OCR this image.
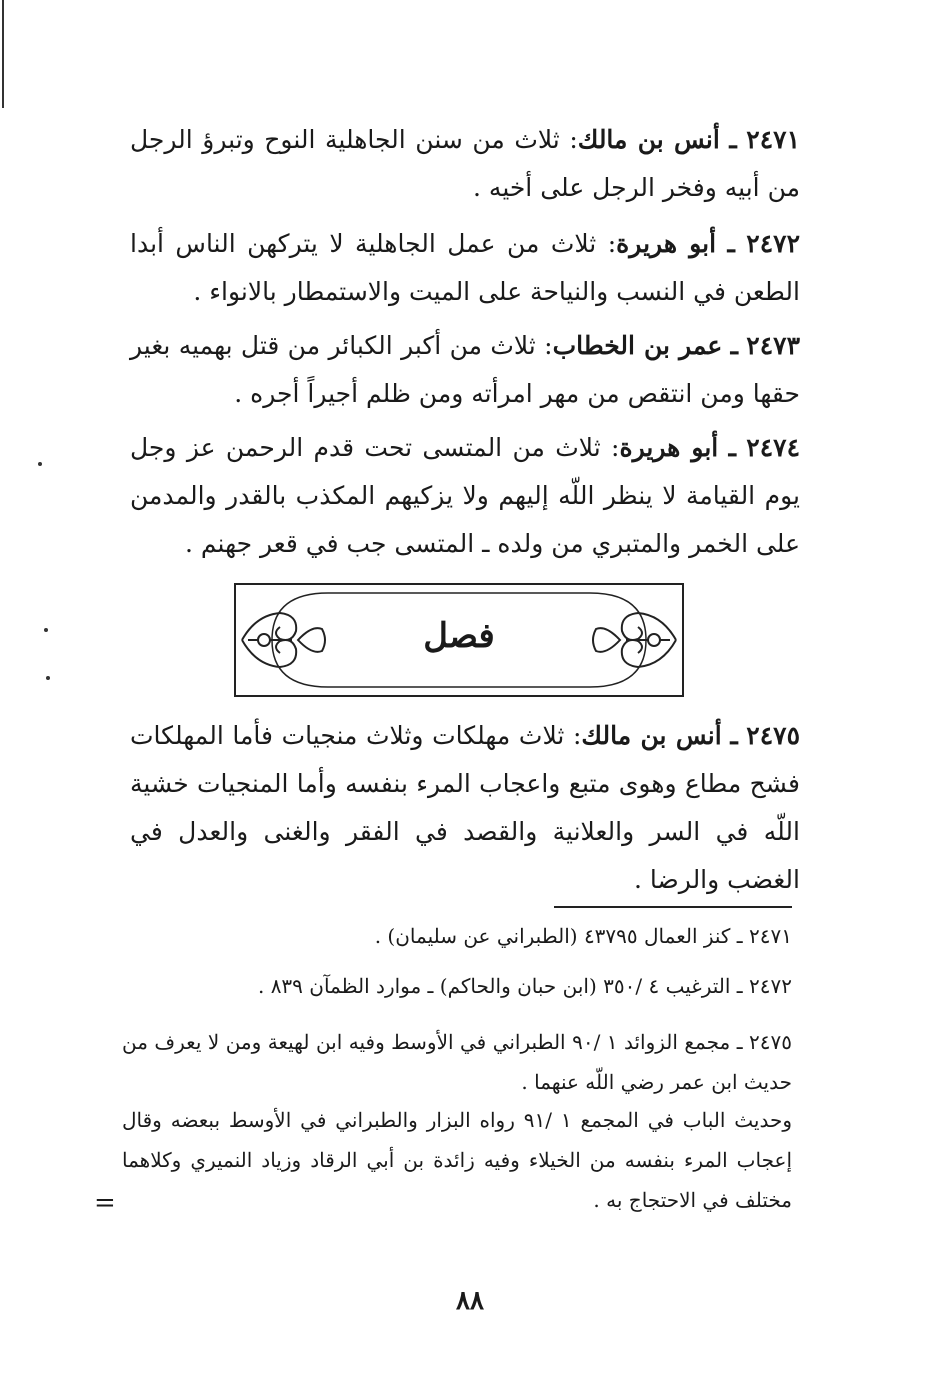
٢٤٧١ ـ أنس بن مالك: ثلاث من سنن الجاهلية النوح وتبرؤ الرجل من أبيه وفخر الرجل على أخيه .
٢٤٧٢ ـ أبو هريرة: ثلاث من عمل الجاهلية لا يتركهن الناس أبدا الطعن في النسب والنياحة على الميت والاستمطار بالانواء .
٢٤٧٣ ـ عمر بن الخطاب: ثلاث من أكبر الكبائر من قتل بهميه بغير حقها ومن انتقص من مهر امرأته ومن ظلم أجيراً أجره .
٢٤٧٤ ـ أبو هريرة: ثلاث من المتسى تحت قدم الرحمن عز وجل يوم القيامة لا ينظر اللّه إليهم ولا يزكيهم المكذب بالقدر والمدمن على الخمر والمتبري من ولده ـ المتسى جب في قعر جهنم .
فصل
٢٤٧٥ ـ أنس بن مالك: ثلاث مهلكات وثلاث منجيات فأما المهلكات فشح مطاع وهوى متبع واعجاب المرء بنفسه وأما المنجيات خشية اللّه في السر والعلانية والقصد في الفقر والغنى والعدل في الغضب والرضا .
٢٤٧١ ـ كنز العمال ٤٣٧٩٥ (الطبراني عن سليمان) .
٢٤٧٢ ـ الترغيب ٤ /٣٥٠ (ابن حبان والحاكم) ـ موارد الظمآن ٨٣٩ .
٢٤٧٥ ـ مجمع الزوائد ١ /٩٠ الطبراني في الأوسط وفيه ابن لهيعة ومن لا يعرف من حديث ابن عمر رضي اللّه عنهما .
وحديث الباب في المجمع ١ /٩١ رواه البزار والطبراني في الأوسط ببعضه وقال إعجاب المرء بنفسه من الخيلاء وفيه زائدة بن أبي الرقاد وزياد النميري وكلاهما مختلف في الاحتجاج به .
=
٨٨
